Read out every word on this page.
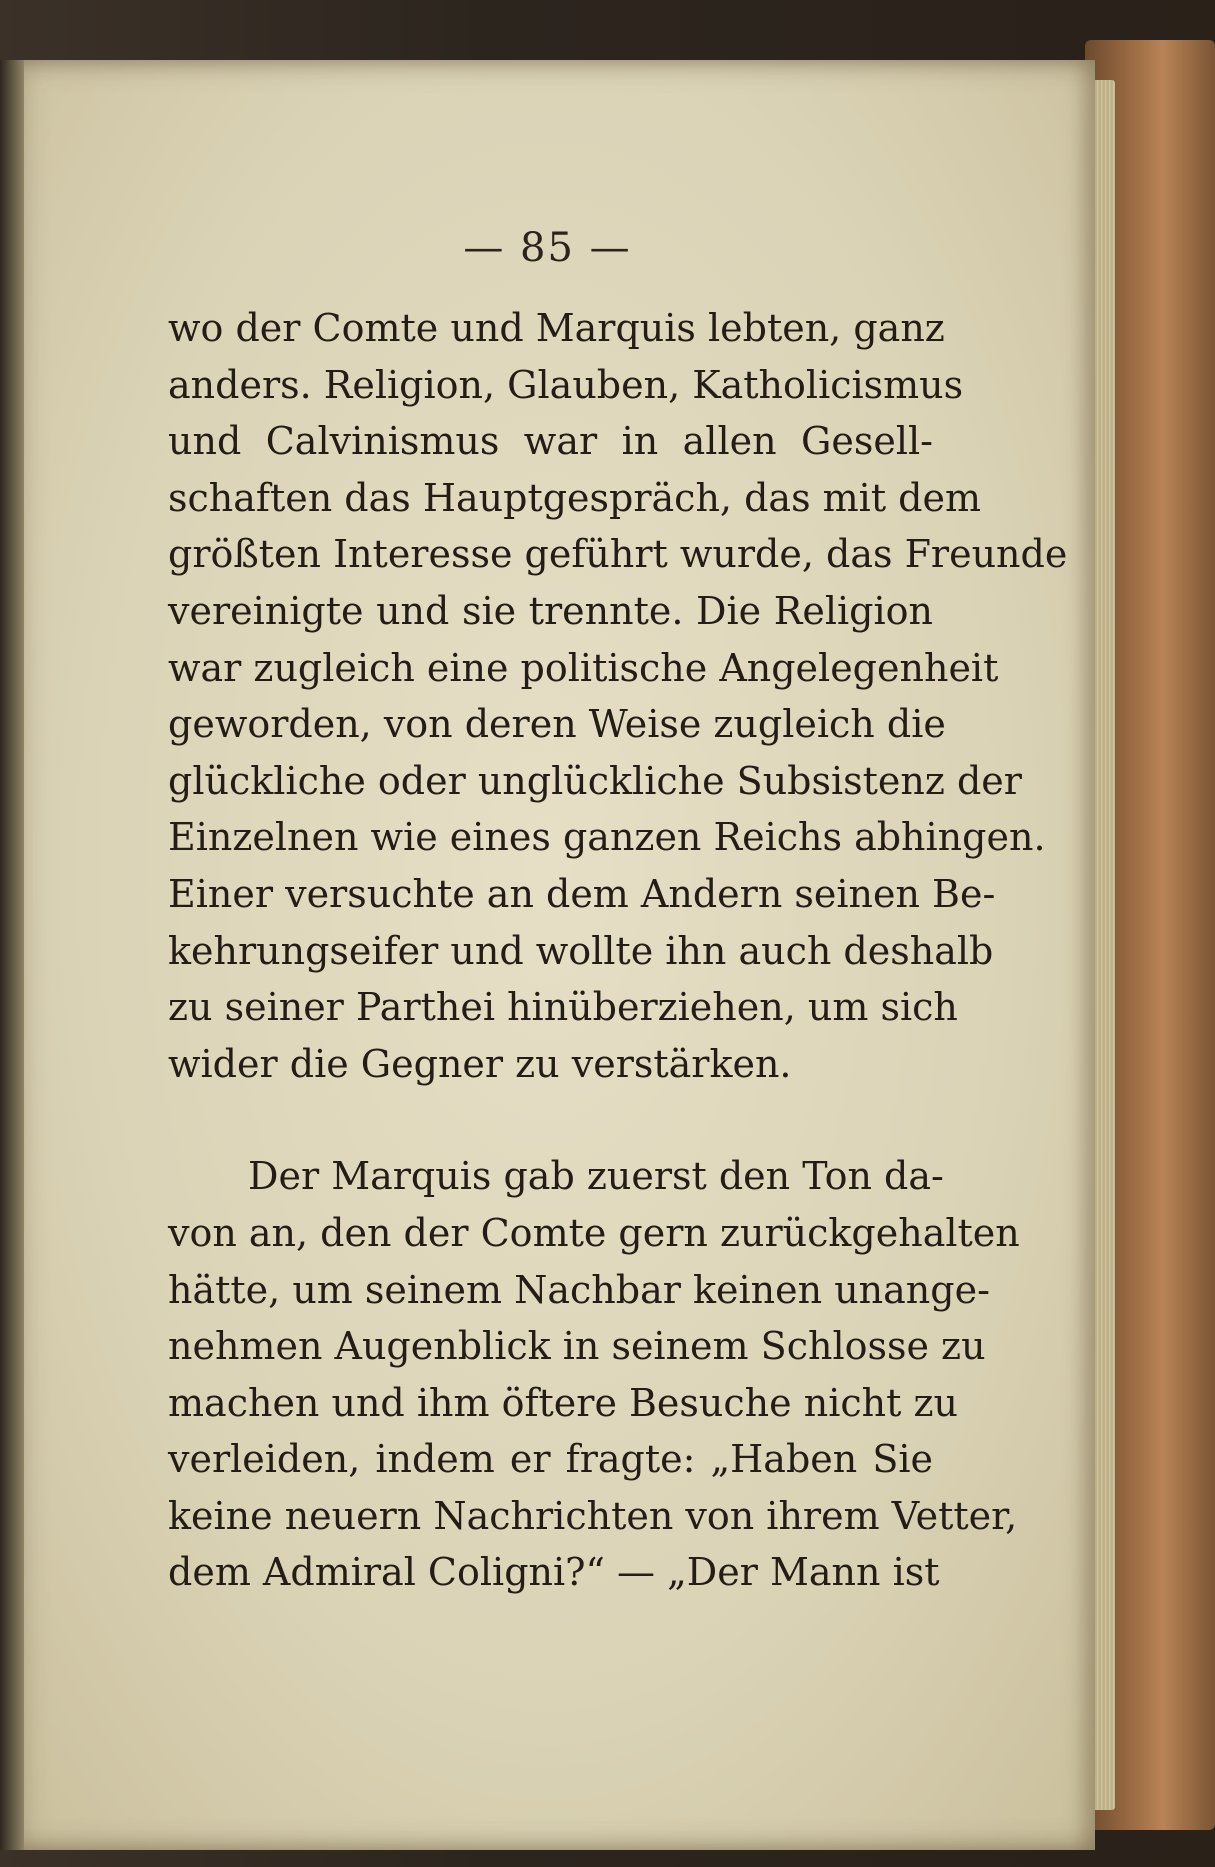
— 85 —
wo der Comte und Marquis lebten, ganz
anders. Religion, Glauben, Katholicismus
und Calvinismus war in allen Gesell-
schaften das Hauptgespräch, das mit dem
größten Interesse geführt wurde, das Freunde
vereinigte und sie trennte. Die Religion
war zugleich eine politische Angelegenheit
geworden, von deren Weise zugleich die
glückliche oder unglückliche Subsistenz der
Einzelnen wie eines ganzen Reichs abhingen.
Einer versuchte an dem Andern seinen Be-
kehrungseifer und wollte ihn auch deshalb
zu seiner Parthei hinüberziehen, um sich
wider die Gegner zu verstärken.
Der Marquis gab zuerst den Ton da-
von an, den der Comte gern zurückgehalten
hätte, um seinem Nachbar keinen unange-
nehmen Augenblick in seinem Schlosse zu
machen und ihm öftere Besuche nicht zu
verleiden, indem er fragte: „Haben Sie
keine neuern Nachrichten von ihrem Vetter,
dem Admiral Coligni?“ — „Der Mann ist
